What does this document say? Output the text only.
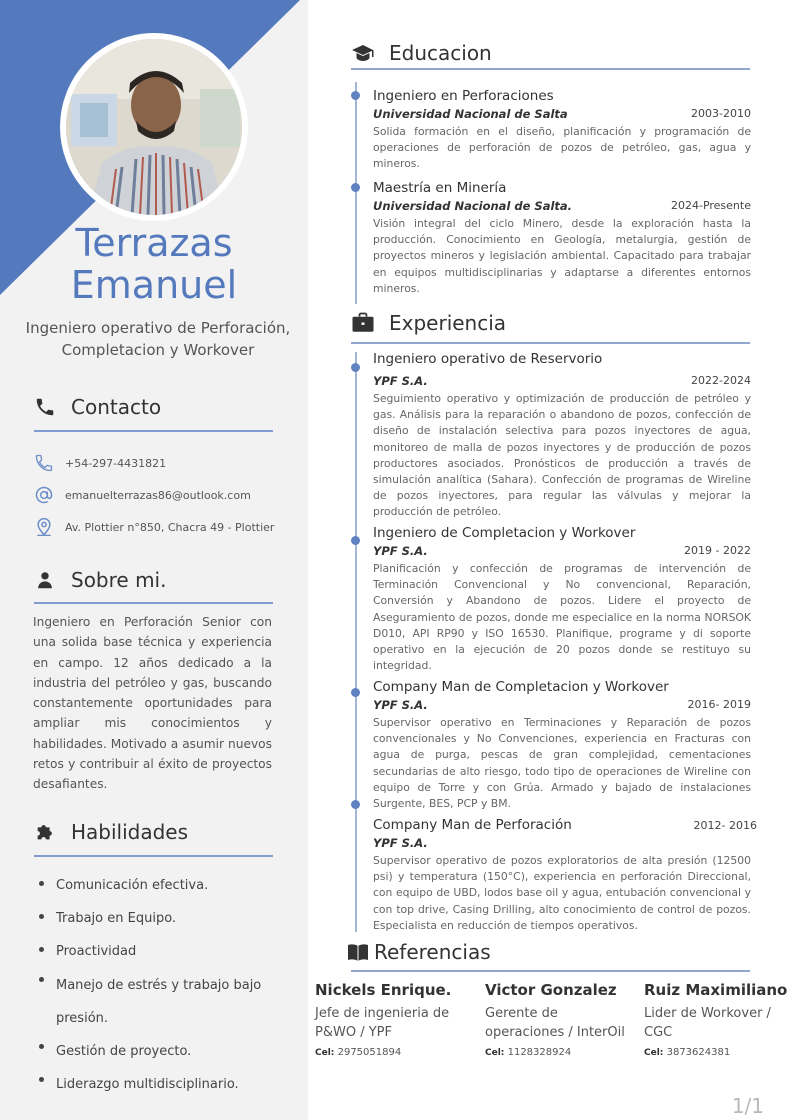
Terrazas
Emanuel
Ingeniero operativo de Perforación,
Completacion y Workover
Contacto
+54-297-4431821
emanuelterrazas86@outlook.com
Av. Plottier n°850, Chacra 49 - Plottier
Sobre mi.
Ingeniero en Perforación Senior con una solida base técnica y experiencia en campo. 12 años dedicado a la industria del petróleo y gas, buscando constantemente oportunidades para ampliar mis conocimientos y habilidades. Motivado a asumir nuevos retos y contribuir al éxito de proyectos desafiantes.
Habilidades
Comunicación efectiva.
Trabajo en Equipo.
Proactividad
Manejo de estrés y trabajo bajo presión.
Gestión de proyecto.
Liderazgo multidisciplinario.
Educacion
Ingeniero en Perforaciones
Universidad Nacional de Salta	2003-2010
Solida formación en el diseño, planificación y programación de operaciones de perforación de pozos de petróleo, gas, agua y mineros.
Maestría en Minería
Universidad Nacional de Salta.	2024-Presente
Visión integral del ciclo Minero, desde la exploración hasta la producción. Conocimiento en Geología, metalurgia, gestión de proyectos mineros y legislación ambiental. Capacitado para trabajar en equipos multidisciplinarias y adaptarse a diferentes entornos mineros.
Experiencia
Ingeniero operativo de Reservorio
YPF S.A.	2022-2024
Seguimiento operativo y optimización de producción de petróleo y gas. Análisis para la reparación o abandono de pozos, confección de diseño de instalación selectiva para pozos inyectores de agua, monitoreo de malla de pozos inyectores y de producción de pozos productores asociados. Pronósticos de producción a través de simulación analítica (Sahara). Confección de programas de Wireline de pozos inyectores, para regular las válvulas y mejorar la producción de petróleo.
Ingeniero de Completacion y Workover
YPF S.A.	2019 - 2022
Planificación y confección de programas de intervención de Terminación Convencional y No convencional, Reparación, Conversión y Abandono de pozos. Lidere el proyecto de Aseguramiento de pozos, donde me especialice en la norma NORSOK D010, API RP90 y ISO 16530. Planifique, programe y di soporte operativo en la ejecución de 20 pozos donde se restituyo su integridad.
Company Man de Completacion y Workover
YPF S.A.	2016- 2019
Supervisor operativo en Terminaciones y Reparación de pozos convencionales y No Convenciones, experiencia en Fracturas con agua de purga, pescas de gran complejidad, cementaciones secundarias de alto riesgo, todo tipo de operaciones de Wireline con equipo de Torre y con Grúa. Armado y bajado de instalaciones Surgente, BES, PCP y BM.
Company Man de Perforación
YPF S.A.
2012- 2016
Supervisor operativo de pozos exploratorios de alta presión (12500 psi) y temperatura (150°C), experiencia en perforación Direccional, con equipo de UBD, lodos base oil y agua, entubación convencional y con top drive, Casing Drilling, alto conocimiento de control de pozos. Especialista en reducción de tiempos operativos.
Referencias
Nickels Enrique.
Jefe de ingenieria de P&WO / YPF
Cel: 2975051894
Victor Gonzalez
Gerente de operaciones / InterOil
Cel: 1128328924
Ruiz Maximiliano
Lider de Workover / CGC
Cel: 3873624381
1/1
